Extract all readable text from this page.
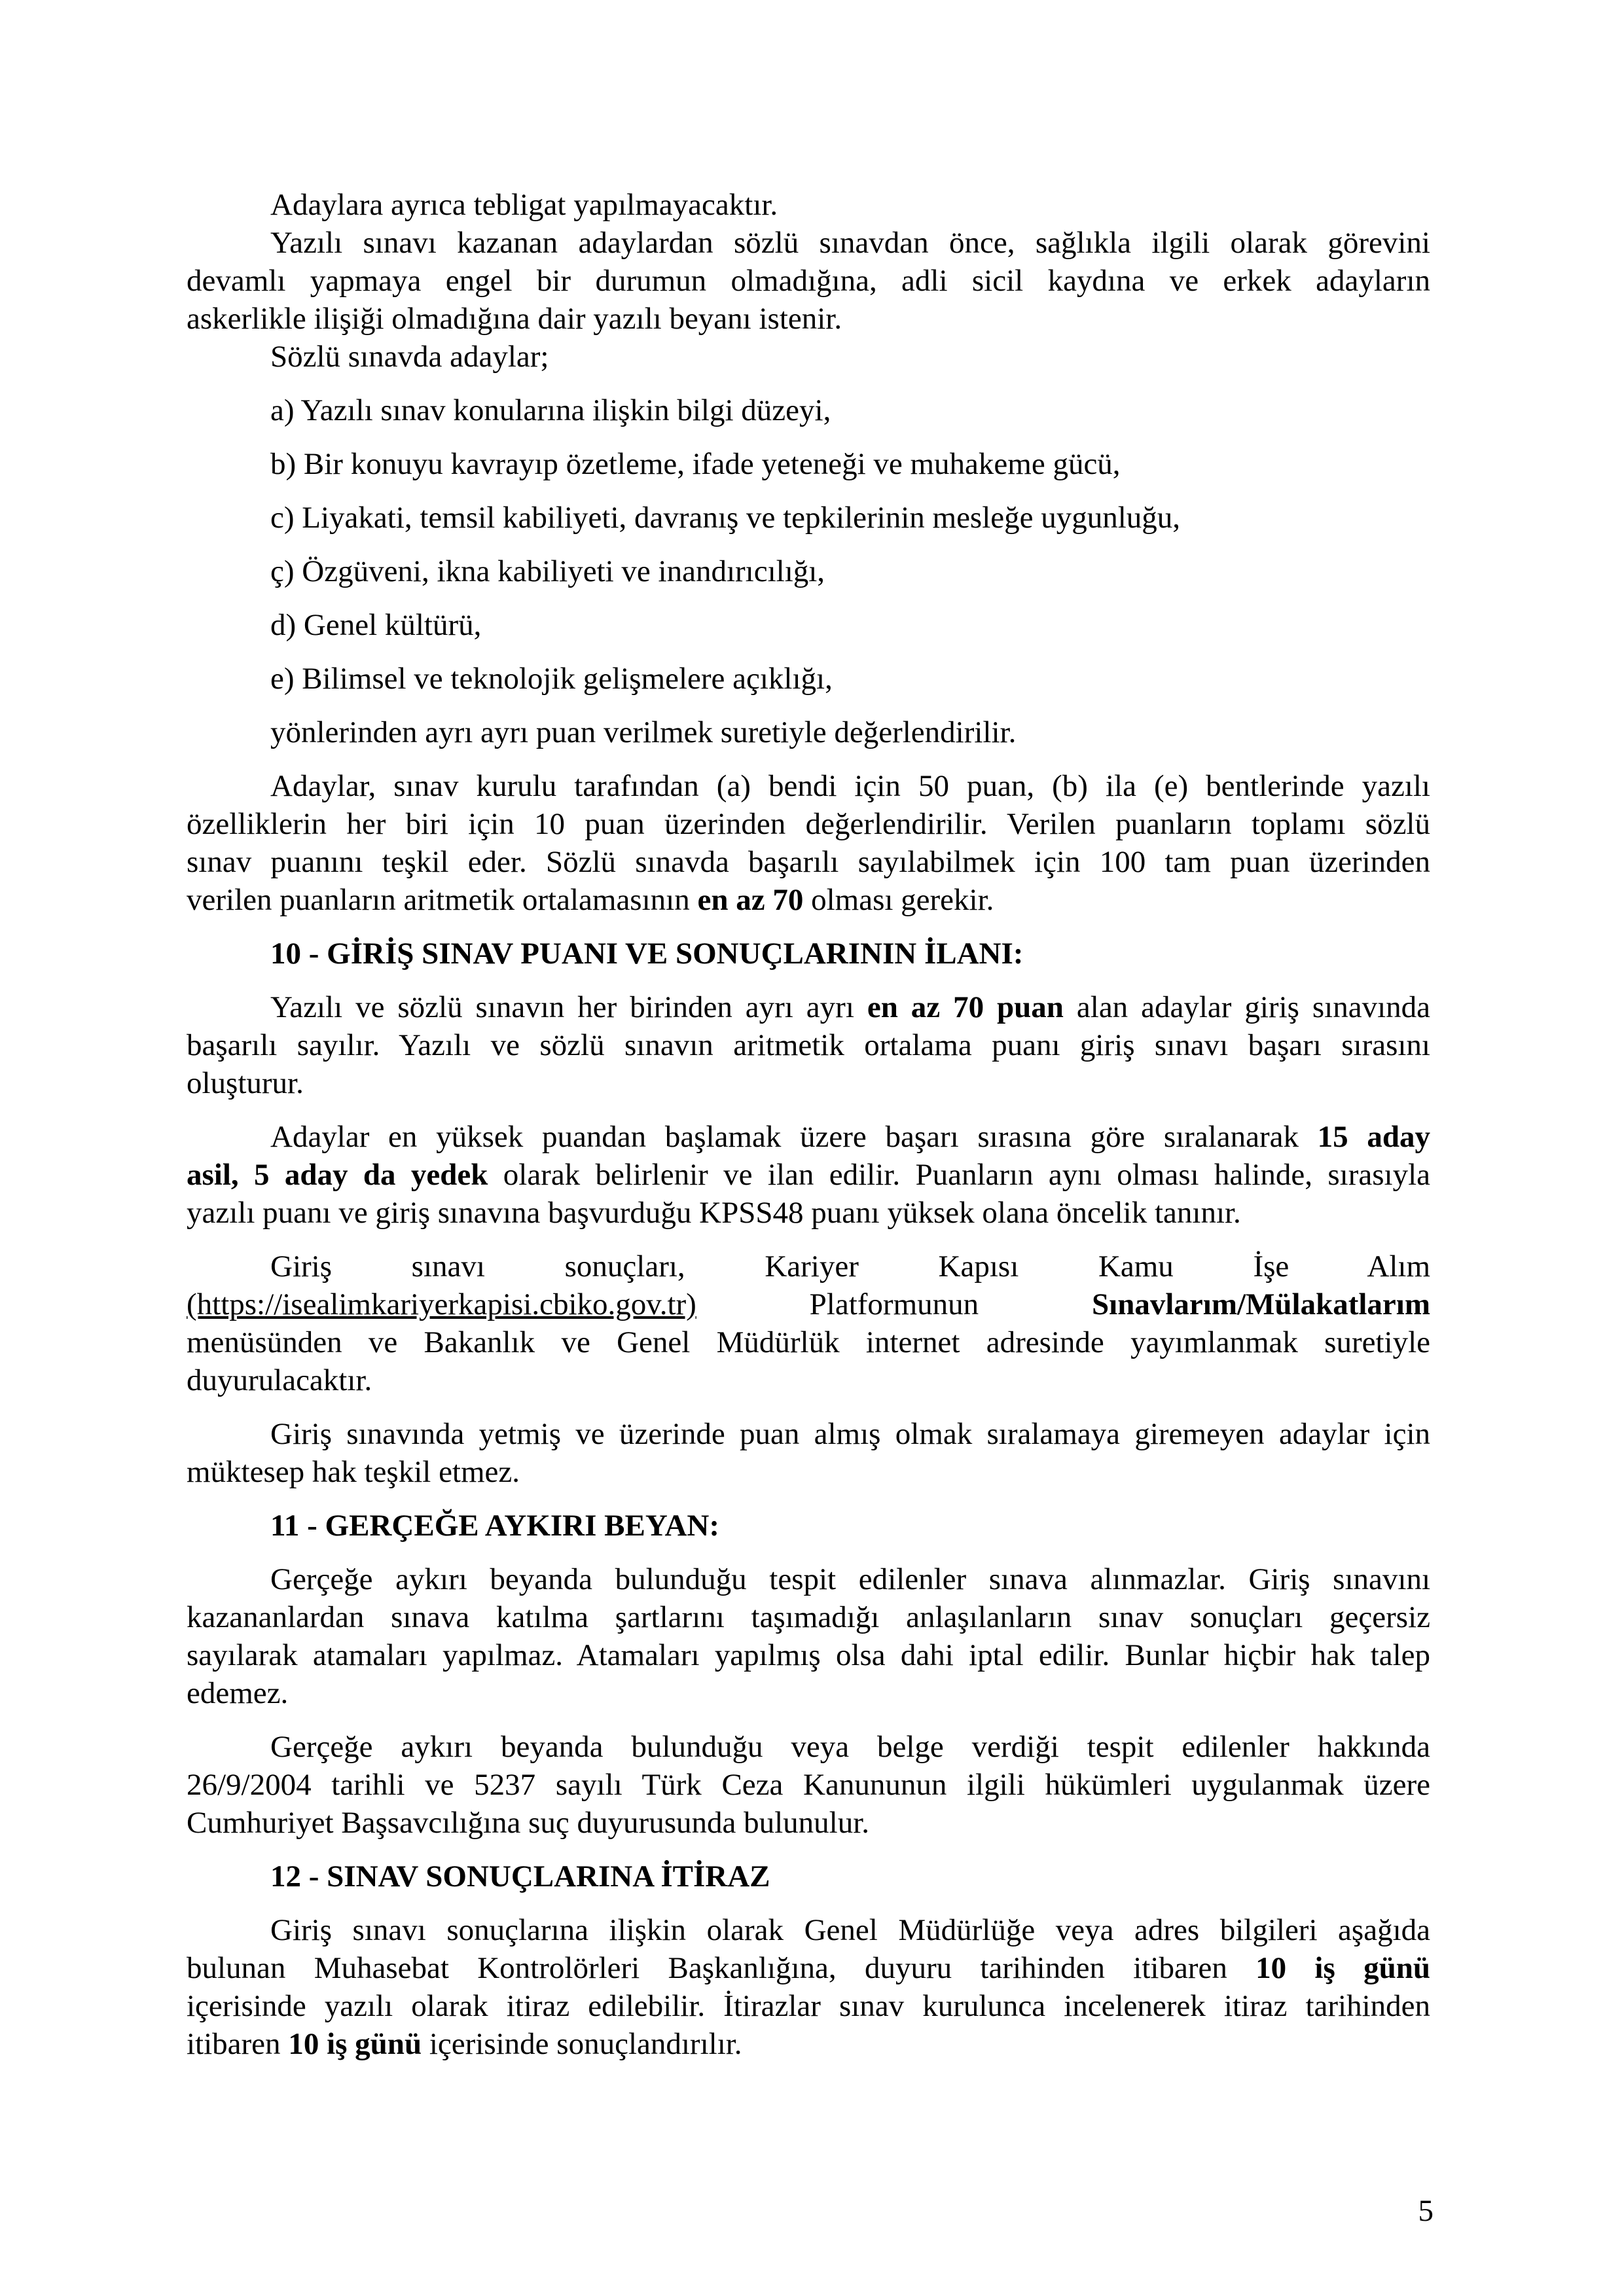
Adaylara ayrıca tebligat yapılmayacaktır.
Yazılı sınavı kazanan adaylardan sözlü sınavdan önce, sağlıkla ilgili olarak görevini
devamlı yapmaya engel bir durumun olmadığına, adli sicil kaydına ve erkek adayların
askerlikle ilişiği olmadığına dair yazılı beyanı istenir.
Sözlü sınavda adaylar;
a) Yazılı sınav konularına ilişkin bilgi düzeyi,
b) Bir konuyu kavrayıp özetleme, ifade yeteneği ve muhakeme gücü,
c) Liyakati, temsil kabiliyeti, davranış ve tepkilerinin mesleğe uygunluğu,
ç) Özgüveni, ikna kabiliyeti ve inandırıcılığı,
d) Genel kültürü,
e) Bilimsel ve teknolojik gelişmelere açıklığı,
yönlerinden ayrı ayrı puan verilmek suretiyle değerlendirilir.
Adaylar, sınav kurulu tarafından (a) bendi için 50 puan, (b) ila (e) bentlerinde yazılı
özelliklerin her biri için 10 puan üzerinden değerlendirilir. Verilen puanların toplamı sözlü
sınav puanını teşkil eder. Sözlü sınavda başarılı sayılabilmek için 100 tam puan üzerinden
verilen puanların aritmetik ortalamasının en az 70 olması gerekir.
10 - GİRİŞ SINAV PUANI VE SONUÇLARININ İLANI:
Yazılı ve sözlü sınavın her birinden ayrı ayrı en az 70 puan alan adaylar giriş sınavında
başarılı sayılır. Yazılı ve sözlü sınavın aritmetik ortalama puanı giriş sınavı başarı sırasını
oluşturur.
Adaylar en yüksek puandan başlamak üzere başarı sırasına göre sıralanarak 15 aday
asil, 5 aday da yedek olarak belirlenir ve ilan edilir. Puanların aynı olması halinde, sırasıyla
yazılı puanı ve giriş sınavına başvurduğu KPSS48 puanı yüksek olana öncelik tanınır.
Giriş sınavı sonuçları, Kariyer Kapısı Kamu İşe Alım
(https://isealimkariyerkapisi.cbiko.gov.tr) Platformunun Sınavlarım/Mülakatlarım
menüsünden ve Bakanlık ve Genel Müdürlük internet adresinde yayımlanmak suretiyle
duyurulacaktır.
Giriş sınavında yetmiş ve üzerinde puan almış olmak sıralamaya giremeyen adaylar için
müktesep hak teşkil etmez.
11 - GERÇEĞE AYKIRI BEYAN:
Gerçeğe aykırı beyanda bulunduğu tespit edilenler sınava alınmazlar. Giriş sınavını
kazananlardan sınava katılma şartlarını taşımadığı anlaşılanların sınav sonuçları geçersiz
sayılarak atamaları yapılmaz. Atamaları yapılmış olsa dahi iptal edilir. Bunlar hiçbir hak talep
edemez.
Gerçeğe aykırı beyanda bulunduğu veya belge verdiği tespit edilenler hakkında
26/9/2004 tarihli ve 5237 sayılı Türk Ceza Kanununun ilgili hükümleri uygulanmak üzere
Cumhuriyet Başsavcılığına suç duyurusunda bulunulur.
12 - SINAV SONUÇLARINA İTİRAZ
Giriş sınavı sonuçlarına ilişkin olarak Genel Müdürlüğe veya adres bilgileri aşağıda
bulunan Muhasebat Kontrolörleri Başkanlığına, duyuru tarihinden itibaren 10 iş günü
içerisinde yazılı olarak itiraz edilebilir. İtirazlar sınav kurulunca incelenerek itiraz tarihinden
itibaren 10 iş günü içerisinde sonuçlandırılır.
5
